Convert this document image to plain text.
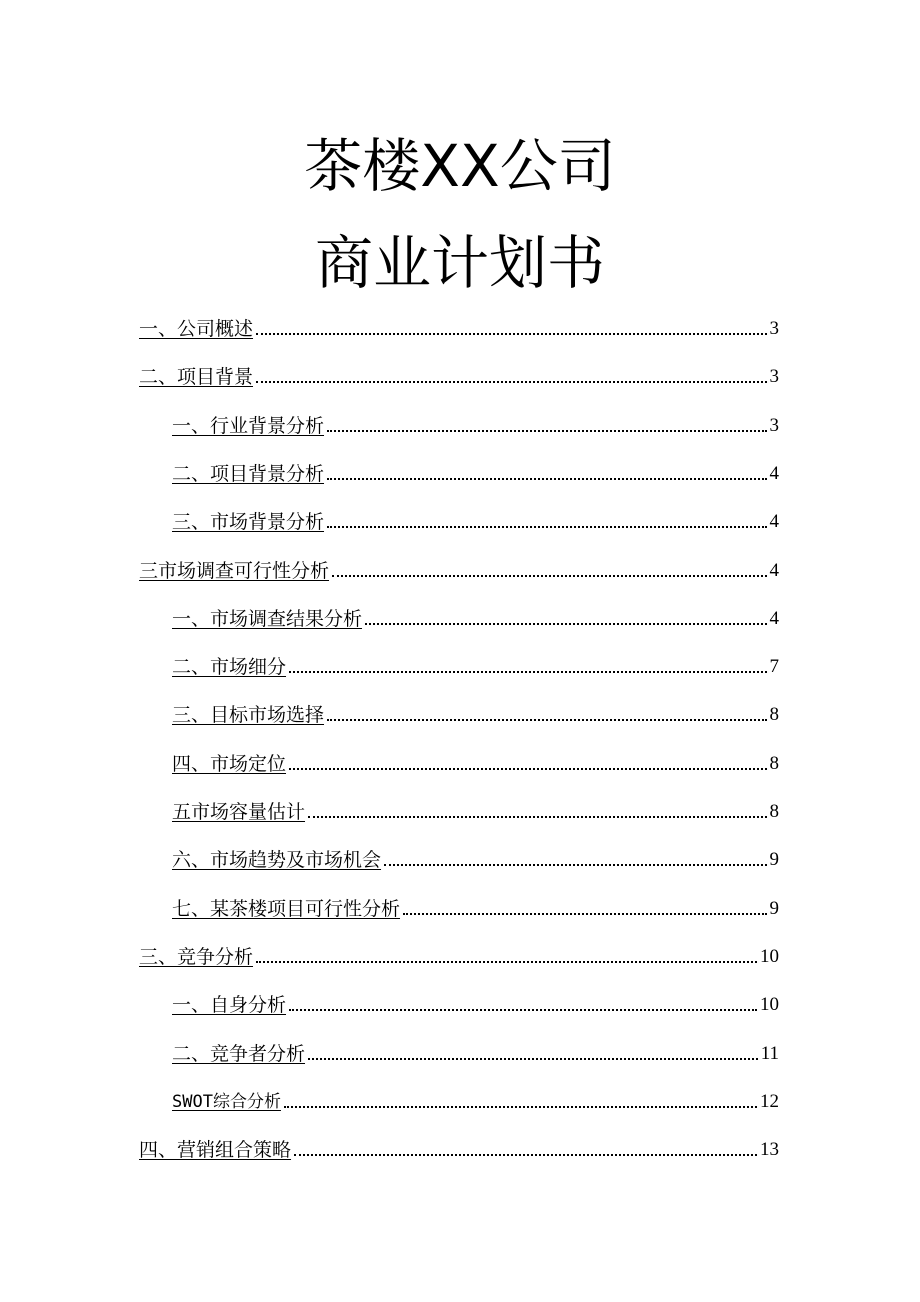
茶楼XX公司
商业计划书
一、公司概述	3
二、项目背景	3
一、行业背景分析	3
二、项目背景分析	4
三、市场背景分析	4
三市场调查可行性分析	4
一、市场调查结果分析	4
二、市场细分	7
三、目标市场选择	8
四、市场定位	8
五市场容量估计	8
六、市场趋势及市场机会	9
七、某茶楼项目可行性分析	9
三、竞争分析	10
一、自身分析	10
二、竞争者分析	11
SWOT综合分析	12
四、营销组合策略	13
